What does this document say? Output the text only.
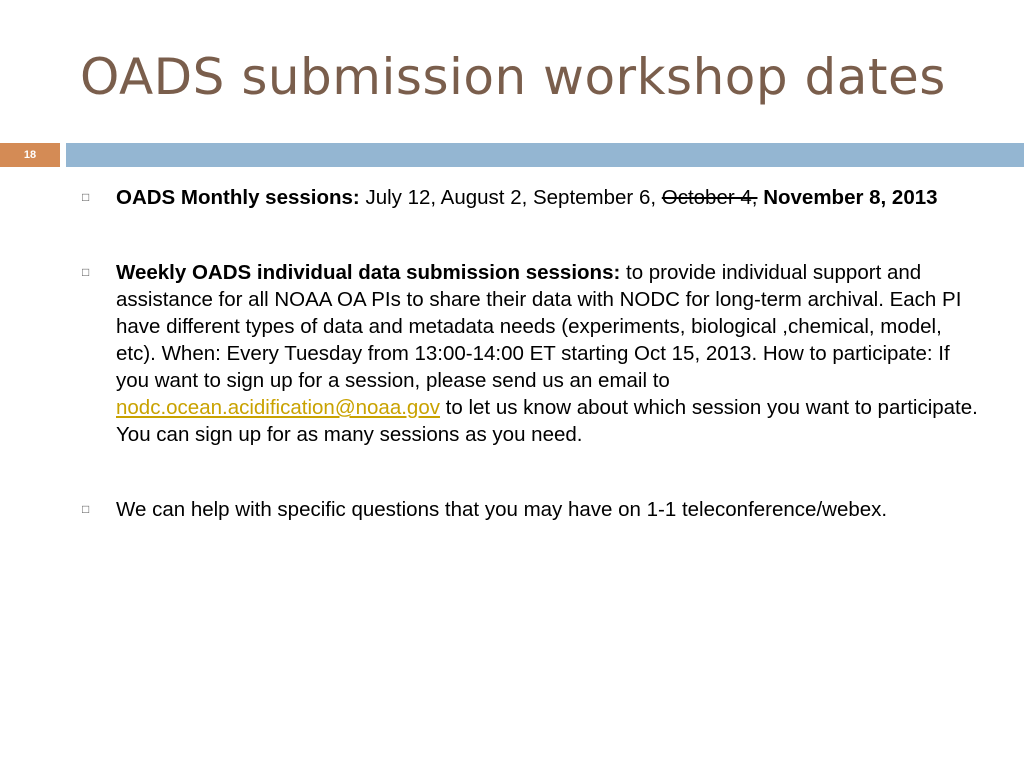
OADS submission workshop dates
18
□	OADS Monthly sessions: July 12, August 2, September 6, October 4, November 8, 2013
□	Weekly OADS individual data submission sessions: to provide individual support and assistance for all NOAA OA PIs to share their data with NODC for long-term archival. Each PI have different types of data and metadata needs (experiments, biological ,chemical, model, etc). When: Every Tuesday from 13:00-14:00 ET starting Oct 15, 2013. How to participate: If you want to sign up for a session, please send us an email to nodc.ocean.acidification@noaa.gov to let us know about which session you want to participate. You can sign up for as many sessions as you need.
□	We can help with specific questions that you may have on 1-1 teleconference/webex.
